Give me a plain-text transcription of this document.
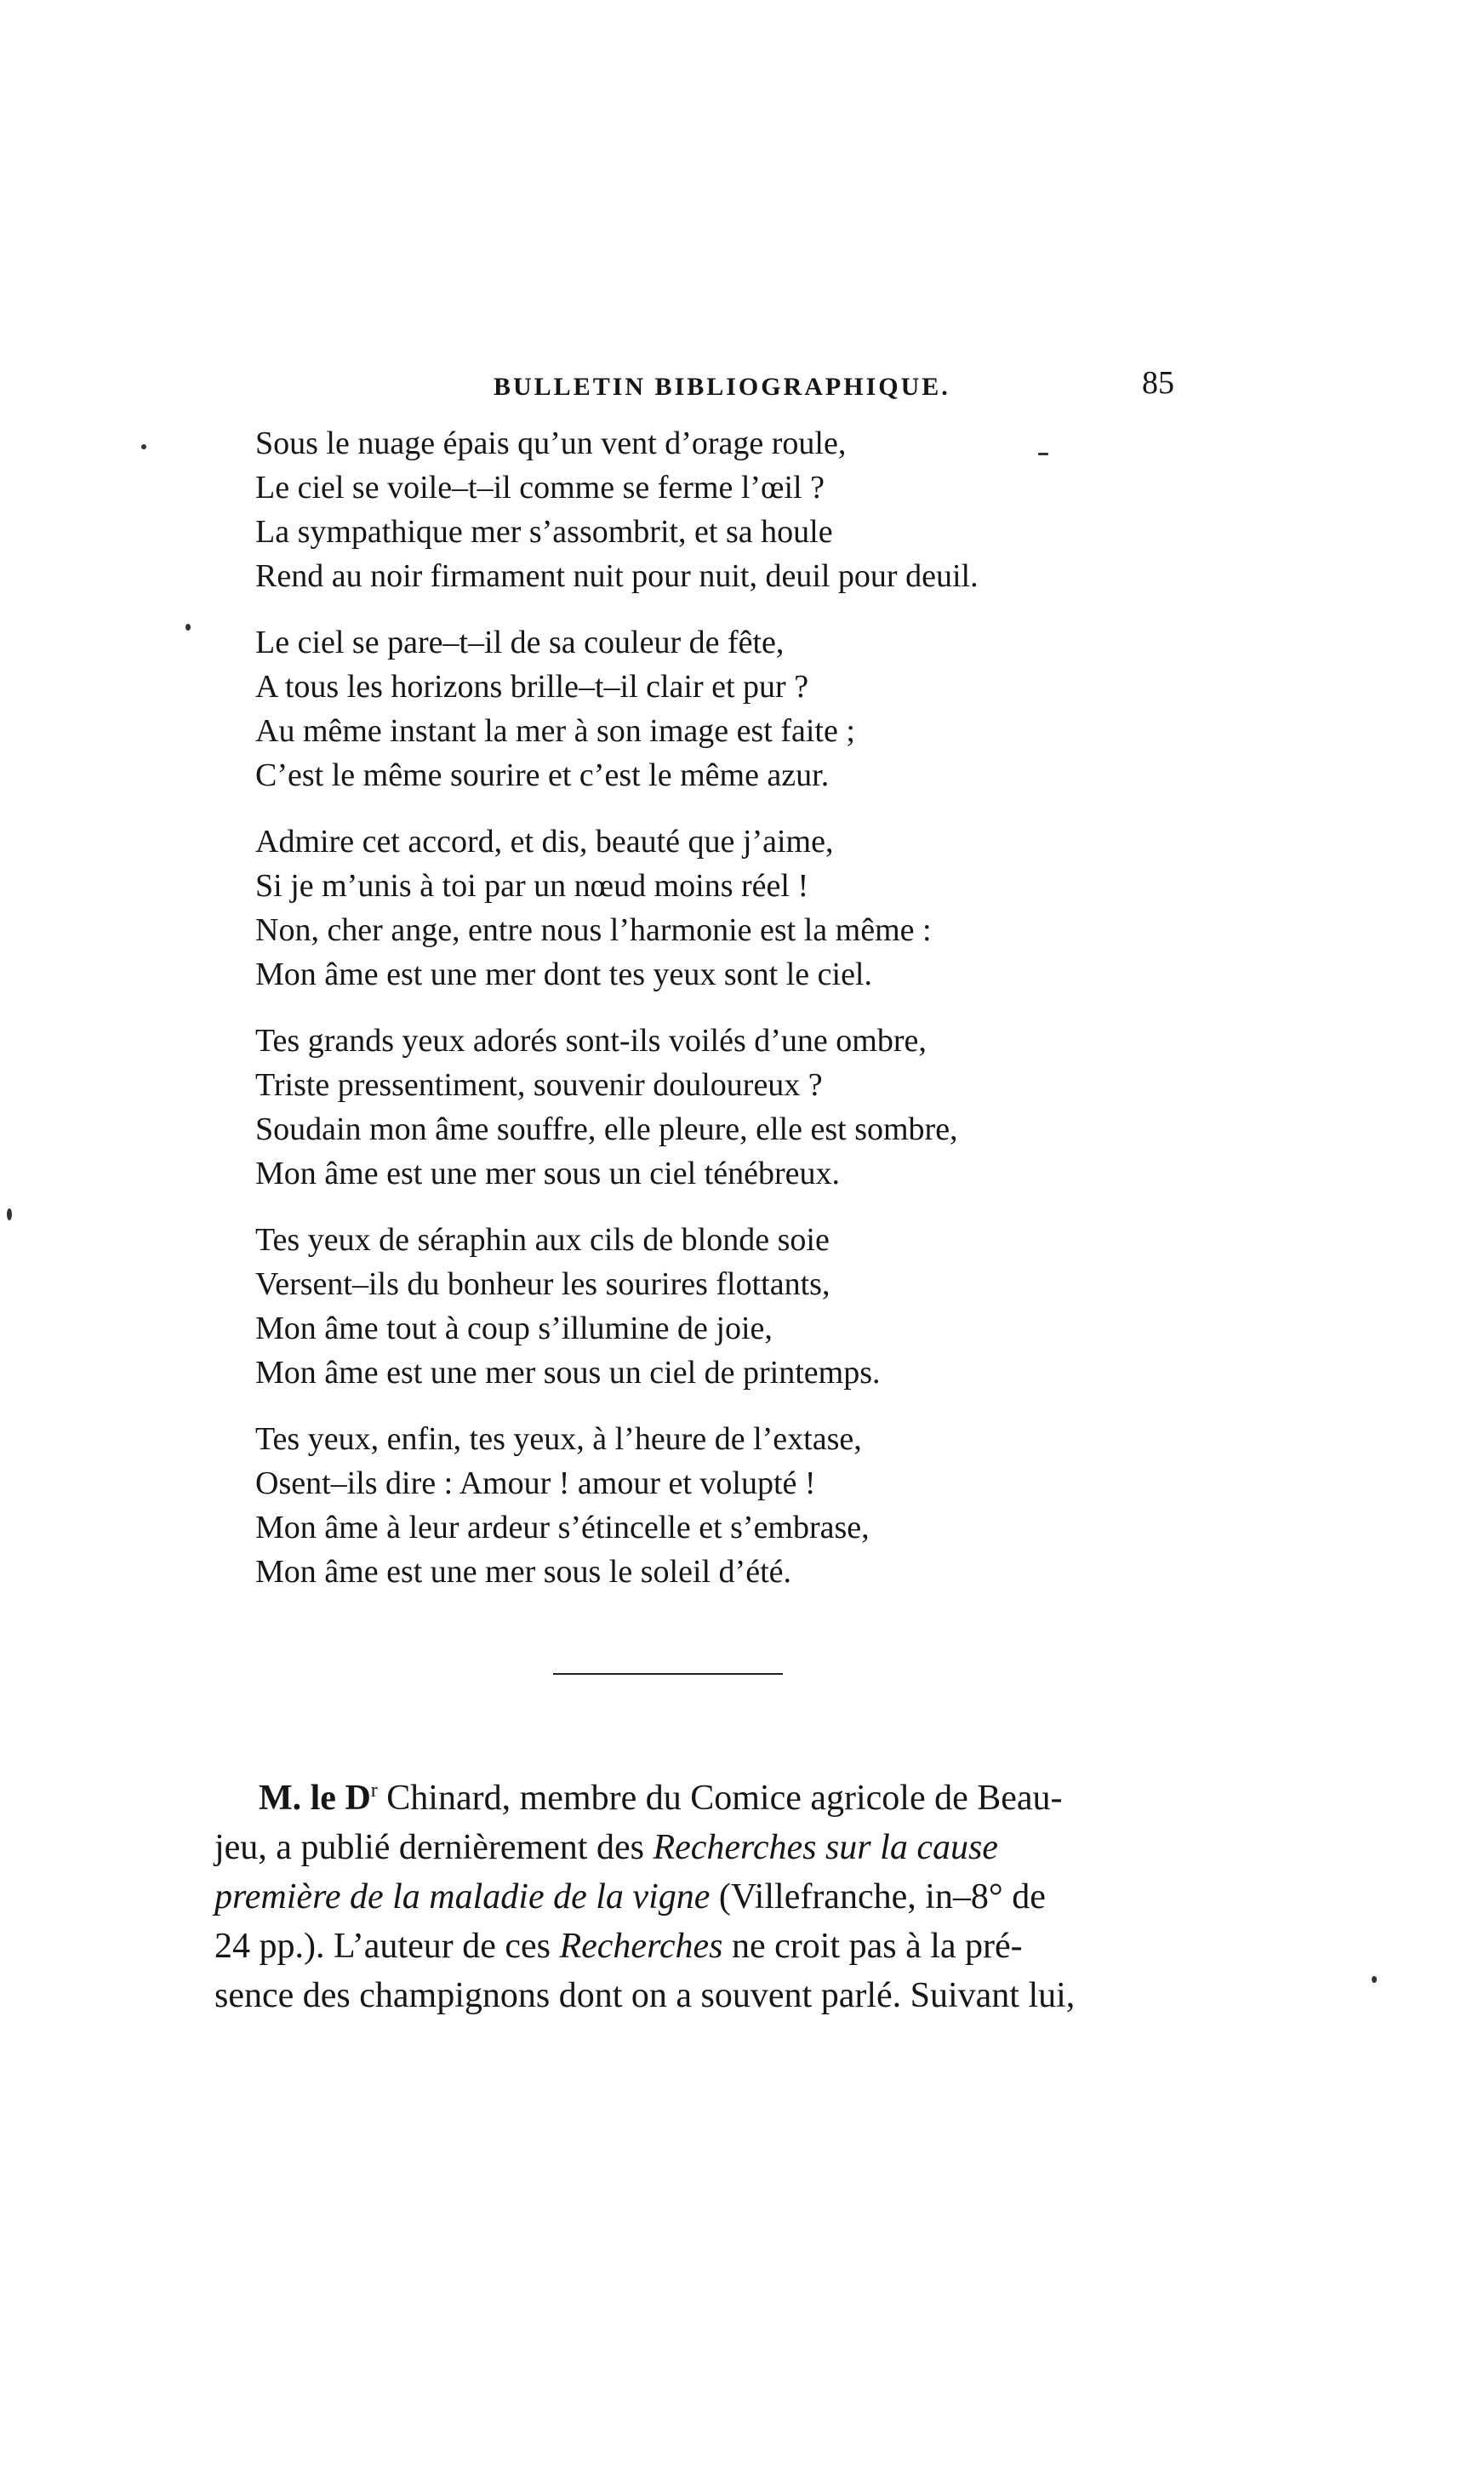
BULLETIN BIBLIOGRAPHIQUE.	85
Sous le nuage épais qu’un vent d’orage roule,
Le ciel se voile–t–il comme se ferme l’œil ?
La sympathique mer s’assombrit, et sa houle
Rend au noir firmament nuit pour nuit, deuil pour deuil.
Le ciel se pare–t–il de sa couleur de fête,
A tous les horizons brille–t–il clair et pur ?
Au même instant la mer à son image est faite ;
C’est le même sourire et c’est le même azur.
Admire cet accord, et dis, beauté que j’aime,
Si je m’unis à toi par un nœud moins réel !
Non, cher ange, entre nous l’harmonie est la même :
Mon âme est une mer dont tes yeux sont le ciel.
Tes grands yeux adorés sont-ils voilés d’une ombre,
Triste pressentiment, souvenir douloureux ?
Soudain mon âme souffre, elle pleure, elle est sombre,
Mon âme est une mer sous un ciel ténébreux.
Tes yeux de séraphin aux cils de blonde soie
Versent–ils du bonheur les sourires flottants,
Mon âme tout à coup s’illumine de joie,
Mon âme est une mer sous un ciel de printemps.
Tes yeux, enfin, tes yeux, à l’heure de l’extase,
Osent–ils dire : Amour ! amour et volupté !
Mon âme à leur ardeur s’étincelle et s’embrase,
Mon âme est une mer sous le soleil d’été.
M. le $D^r$ Chinard, membre du Comice agricole de Beau-
jeu, a publié dernièrement des Recherches sur la cause
première de la maladie de la vigne (Villefranche, in–8° de
24 pp.). L’auteur de ces Recherches ne croit pas à la pré-
sence des champignons dont on a souvent parlé. Suivant lui,
